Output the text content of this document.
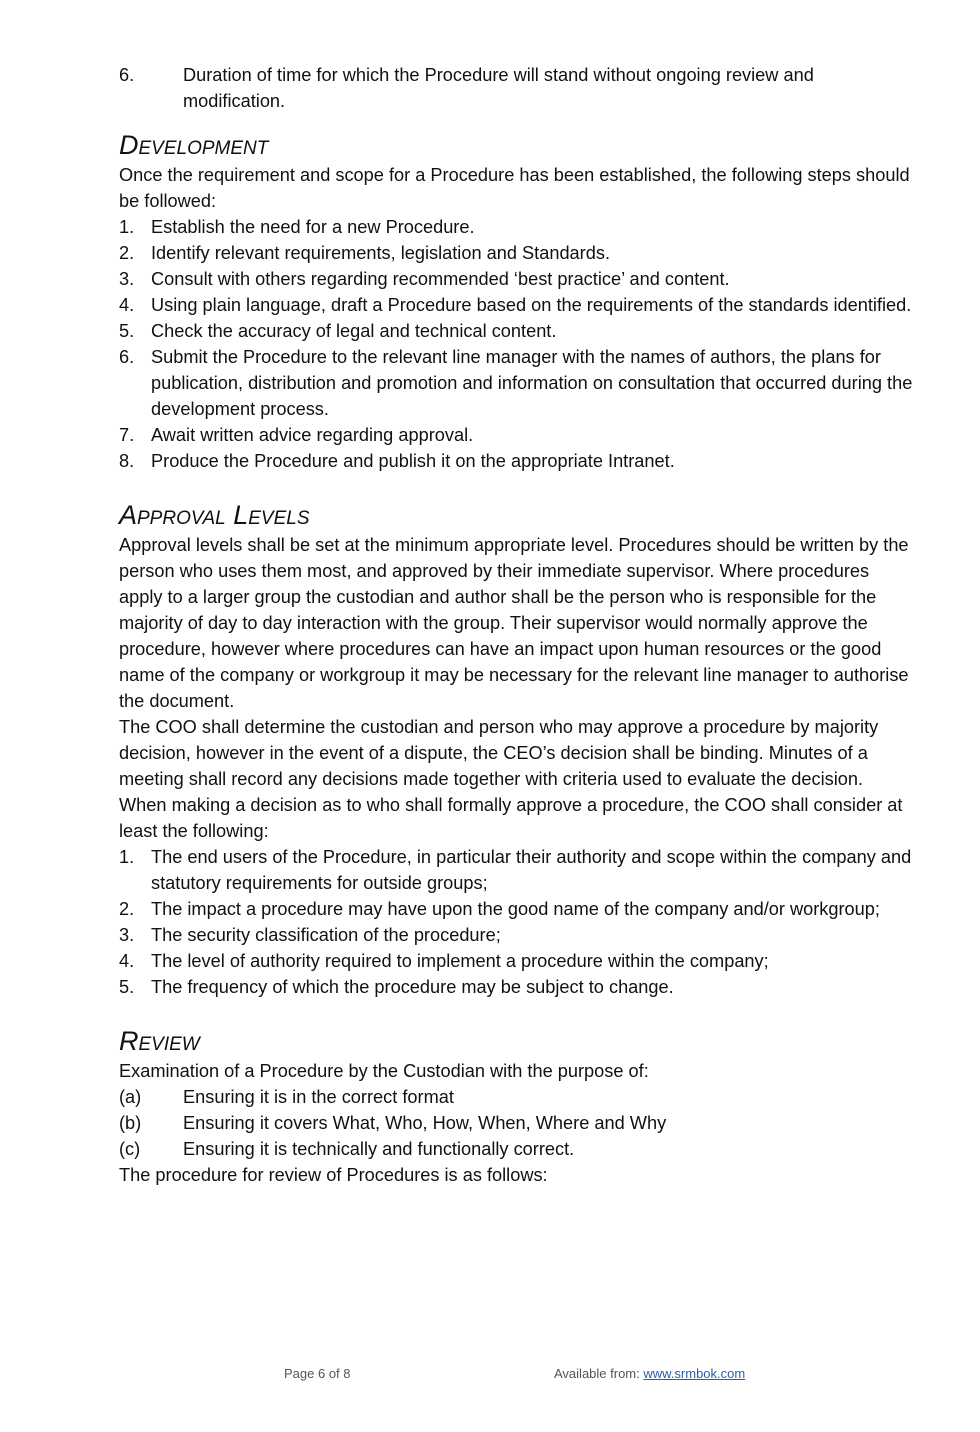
6.	Duration of time for which the Procedure will stand without ongoing review and modification.
Development

Once the requirement and scope for a Procedure has been established, the following steps should be followed:

1. Establish the need for a new Procedure.
2. Identify relevant requirements, legislation and Standards.
3. Consult with others regarding recommended ‘best practice’ and content.
4. Using plain language, draft a Procedure based on the requirements of the standards identified.
5. Check the accuracy of legal and technical content.
6. Submit the Procedure to the relevant line manager with the names of authors, the plans for publication, distribution and promotion and information on consultation that occurred during the development process.
7. Await written advice regarding approval.
8. Produce the Procedure and publish it on the appropriate Intranet.
Approval Levels

Approval levels shall be set at the minimum appropriate level. Procedures should be written by the person who uses them most, and approved by their immediate supervisor. Where procedures apply to a larger group the custodian and author shall be the person who is responsible for the majority of day to day interaction with the group. Their supervisor would normally approve the procedure, however where procedures can have an impact upon human resources or the good name of the company or workgroup it may be necessary for the relevant line manager to authorise the document.

The COO shall determine the custodian and person who may approve a procedure by majority decision, however in the event of a dispute, the CEO’s decision shall be binding. Minutes of a meeting shall record any decisions made together with criteria used to evaluate the decision.

When making a decision as to who shall formally approve a procedure, the COO shall consider at least the following:

1. The end users of the Procedure, in particular their authority and scope within the company and statutory requirements for outside groups;
2. The impact a procedure may have upon the good name of the company and/or workgroup;
3. The security classification of the procedure;
4. The level of authority required to implement a procedure within the company;
5. The frequency of which the procedure may be subject to change.
Review

Examination of a Procedure by the Custodian with the purpose of:

(a)	Ensuring it is in the correct format
(b)	Ensuring it covers What, Who, How, When, Where and Why
(c)	Ensuring it is technically and functionally correct.

The procedure for review of Procedures is as follows:

Page 6 of 8	Available from: www.srmbok.com
